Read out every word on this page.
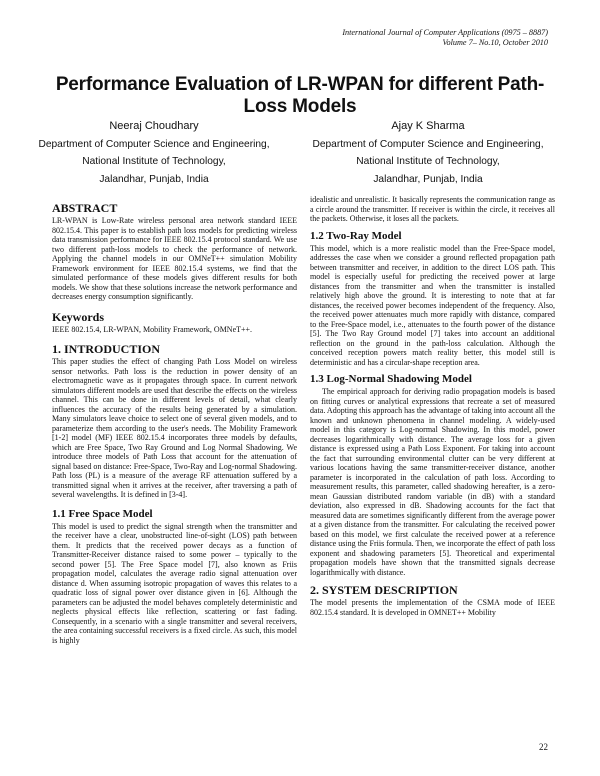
International Journal of Computer Applications (0975 – 8887)
Volume 7– No.10, October 2010
Performance Evaluation of LR-WPAN for different Path-Loss Models
Neeraj Choudhary
Department of Computer Science and Engineering,
National Institute of Technology,
Jalandhar, Punjab, India
Ajay K Sharma
Department of Computer Science and Engineering,
National Institute of Technology,
Jalandhar, Punjab, India
ABSTRACT
LR-WPAN is Low-Rate wireless personal area network standard IEEE 802.15.4. This paper is to establish path loss models for predicting wireless data transmission performance for IEEE 802.15.4 protocol standard. We use two different path-loss models to check the performance of network. Applying the channel models in our OMNeT++ simulation Mobility Framework environment for IEEE 802.15.4 systems, we find that the simulated performance of these models gives different results for both models. We show that these solutions increase the network performance and decreases energy consumption significantly.
Keywords
IEEE 802.15.4, LR-WPAN, Mobility Framework, OMNeT++.
1. INTRODUCTION
This paper studies the effect of changing Path Loss Model on wireless sensor networks. Path loss is the reduction in power density of an electromagnetic wave as it propagates through space. In current network simulators different models are used that describe the effects on the wireless channel. This can be done in different levels of detail, what clearly influences the accuracy of the results being generated by a simulation. Many simulators leave choice to select one of several given models, and to parameterize them according to the user's needs. The Mobility Framework [1-2] model (MF) IEEE 802.15.4 incorporates three models by defaults, which are Free Space, Two Ray Ground and Log Normal Shadowing. We introduce three models of Path Loss that account for the attenuation of signal based on distance: Free-Space, Two-Ray and Log-normal Shadowing. Path loss (PL) is a measure of the average RF attenuation suffered by a transmitted signal when it arrives at the receiver, after traversing a path of several wavelengths. It is defined in [3-4].
1.1 Free Space Model
This model is used to predict the signal strength when the transmitter and the receiver have a clear, unobstructed line-of-sight (LOS) path between them. It predicts that the received power decays as a function of Transmitter-Receiver distance raised to some power – typically to the second power [5]. The Free Space model [7], also known as Friis propagation model, calculates the average radio signal attenuation over distance d. When assuming isotropic propagation of waves this relates to a quadratic loss of signal power over distance given in [6]. Although the parameters can be adjusted the model behaves completely deterministic and neglects physical effects like reflection, scattering or fast fading. Consequently, in a scenario with a single transmitter and several receivers, the area containing successful receivers is a fixed circle. As such, this model is highly
idealistic and unrealistic. It basically represents the communication range as a circle around the transmitter. If receiver is within the circle, it receives all the packets. Otherwise, it loses all the packets.
1.2 Two-Ray Model
This model, which is a more realistic model than the Free-Space model, addresses the case when we consider a ground reflected propagation path between transmitter and receiver, in addition to the direct LOS path. This model is especially useful for predicting the received power at large distances from the transmitter and when the transmitter is installed relatively high above the ground. It is interesting to note that at far distances, the received power becomes independent of the frequency. Also, the received power attenuates much more rapidly with distance, compared to the Free-Space model, i.e., attenuates to the fourth power of the distance [5]. The Two Ray Ground model [7] takes into account an additional reflection on the ground in the path-loss calculation. Although the conceived reception powers match reality better, this model still is deterministic and has a circular-shape reception area.
1.3 Log-Normal Shadowing Model
The empirical approach for deriving radio propagation models is based on fitting curves or analytical expressions that recreate a set of measured data. Adopting this approach has the advantage of taking into account all the known and unknown phenomena in channel modeling. A widely-used model in this category is Log-normal Shadowing. In this model, power decreases logarithmically with distance. The average loss for a given distance is expressed using a Path Loss Exponent. For taking into account the fact that surrounding environmental clutter can be very different at various locations having the same transmitter-receiver distance, another parameter is incorporated in the calculation of path loss. According to measurement results, this parameter, called shadowing hereafter, is a zero-mean Gaussian distributed random variable (in dB) with a standard deviation, also expressed in dB. Shadowing accounts for the fact that measured data are sometimes significantly different from the average power at a given distance from the transmitter. For calculating the received power based on this model, we first calculate the received power at a reference distance using the Friis formula. Then, we incorporate the effect of path loss exponent and shadowing parameters [5]. Theoretical and experimental propagation models have shown that the transmitted signals decrease logarithmically with distance.
2. SYSTEM DESCRIPTION
The model presents the implementation of the CSMA mode of IEEE 802.15.4 standard. It is developed in OMNET++ Mobility
22
